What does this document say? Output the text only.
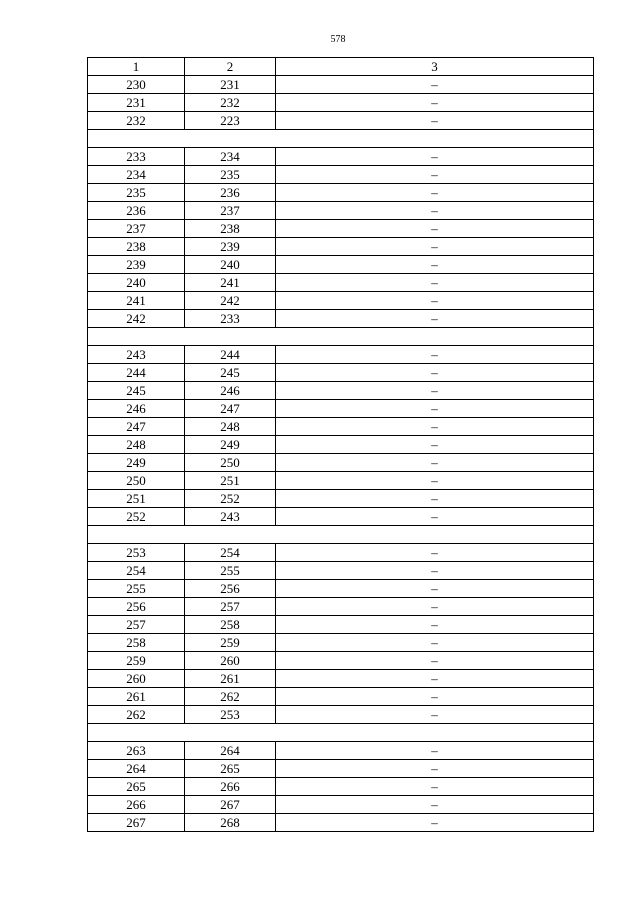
578
1	2	3
230	231	–
231	232	–
232	223	–

233	234	–
234	235	–
235	236	–
236	237	–
237	238	–
238	239	–
239	240	–
240	241	–
241	242	–
242	233	–

243	244	–
244	245	–
245	246	–
246	247	–
247	248	–
248	249	–
249	250	–
250	251	–
251	252	–
252	243	–

253	254	–
254	255	–
255	256	–
256	257	–
257	258	–
258	259	–
259	260	–
260	261	–
261	262	–
262	253	–

263	264	–
264	265	–
265	266	–
266	267	–
267	268	–
